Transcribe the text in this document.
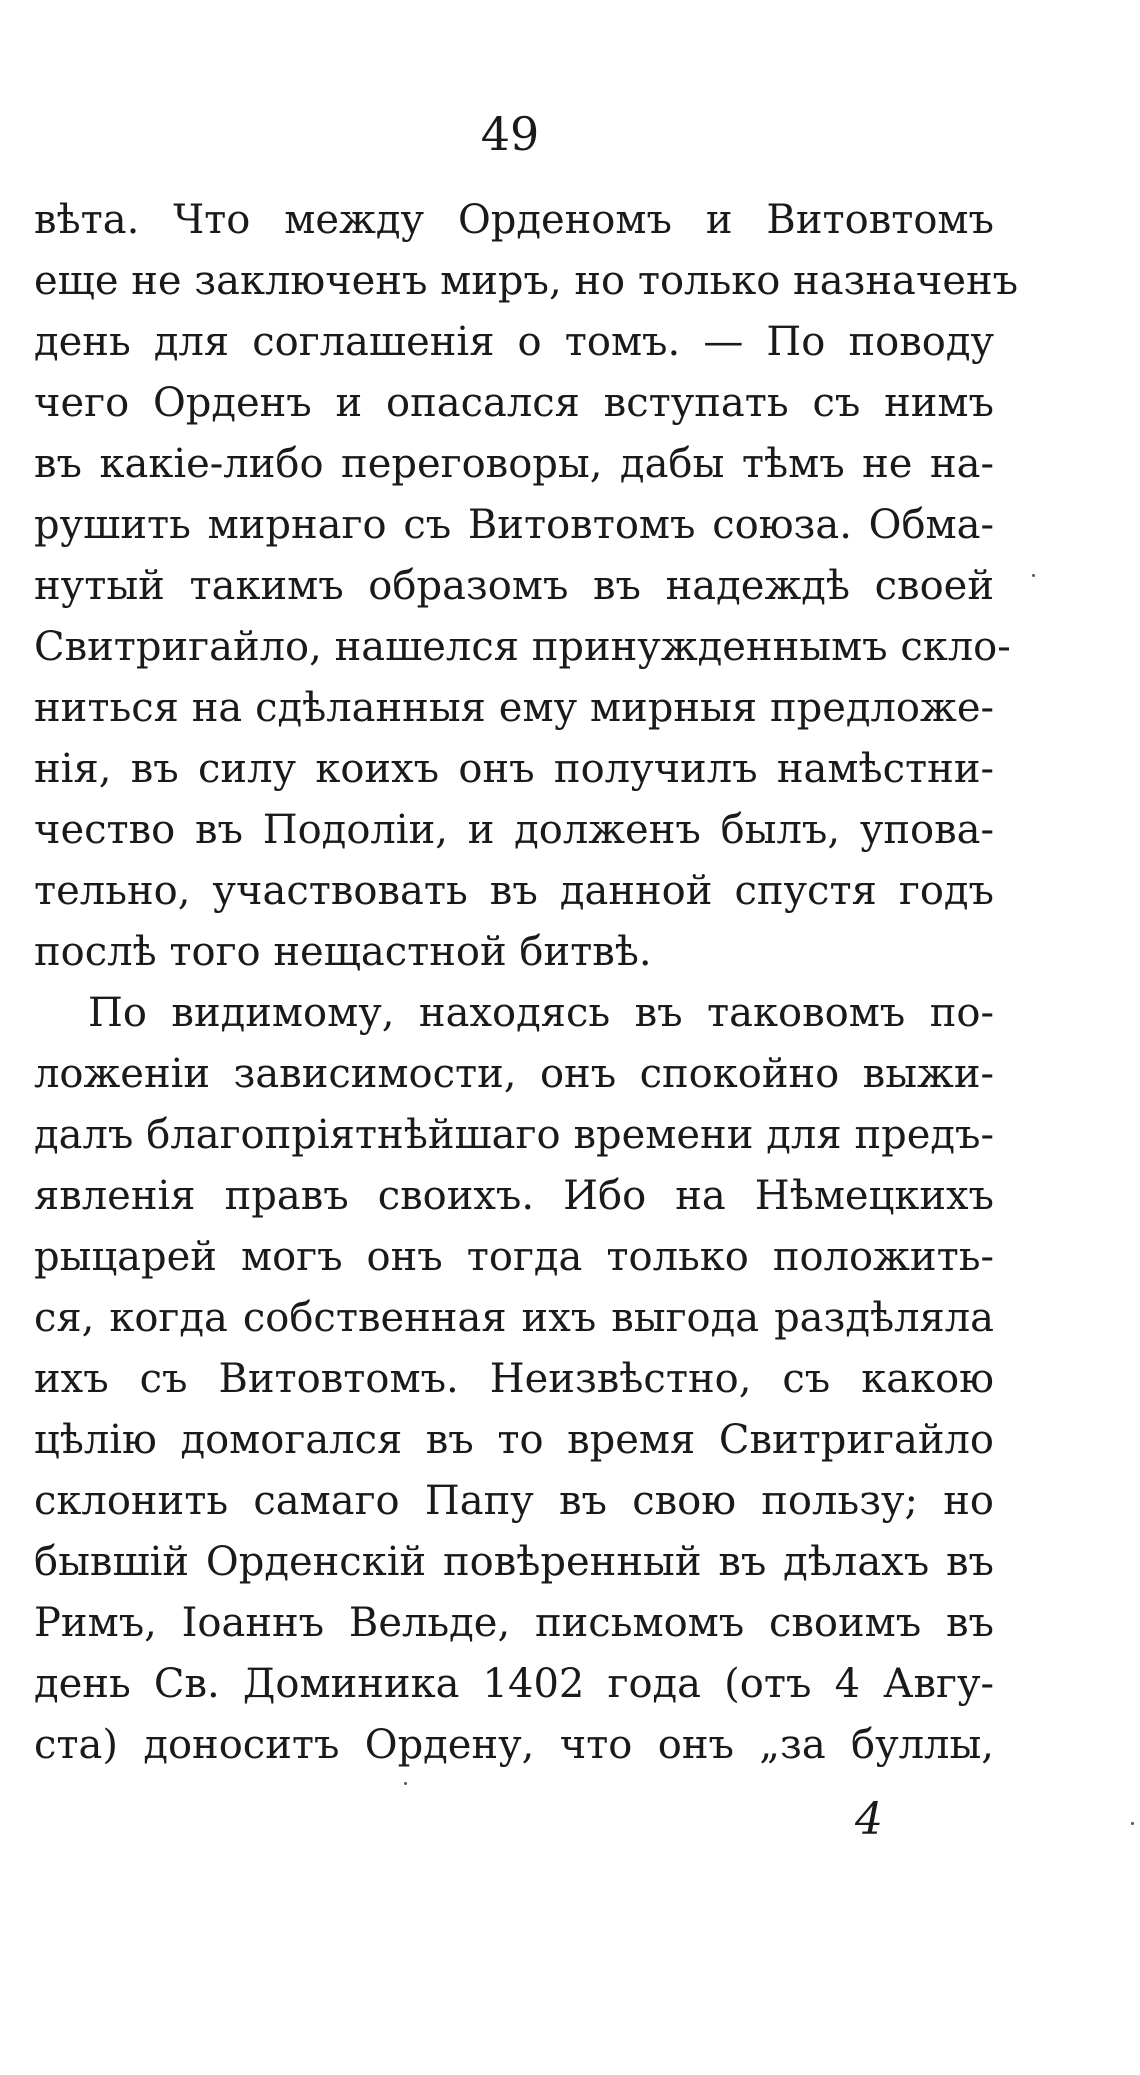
49
вѣта. Что между Орденомъ и Витовтомъ
еще не заключенъ миръ, но только назначенъ
день для соглашенія о томъ. — По поводу
чего Орденъ и опасался вступать съ нимъ
въ какіе-либо переговоры, дабы тѣмъ не на-
рушить мирнаго съ Витовтомъ союза. Обма-
нутый такимъ образомъ въ надеждѣ своей
Свитригайло, нашелся принужденнымъ скло-
ниться на сдѣланныя ему мирныя предложе-
нія, въ силу коихъ онъ получилъ намѣстни-
чество въ Подоліи, и долженъ былъ, упова-
тельно, участвовать въ данной спустя годъ
послѣ того нещастной битвѣ.
По видимому, находясь въ таковомъ по-
ложеніи зависимости, онъ спокойно выжи-
далъ благопріятнѣйшаго времени для предъ-
явленія правъ своихъ. Ибо на Нѣмецкихъ
рыцарей могъ онъ тогда только положить-
ся, когда собственная ихъ выгода раздѣляла
ихъ съ Витовтомъ. Неизвѣстно, съ какою
цѣлію домогался въ то время Свитригайло
склонить самаго Папу въ свою пользу; но
бывшій Орденскій повѣренный въ дѣлахъ въ
Римъ, Іоаннъ Вельде, письмомъ своимъ въ
день Св. Доминика 1402 года (отъ 4 Авгу-
ста) доноситъ Ордену, что онъ „за буллы,
4
